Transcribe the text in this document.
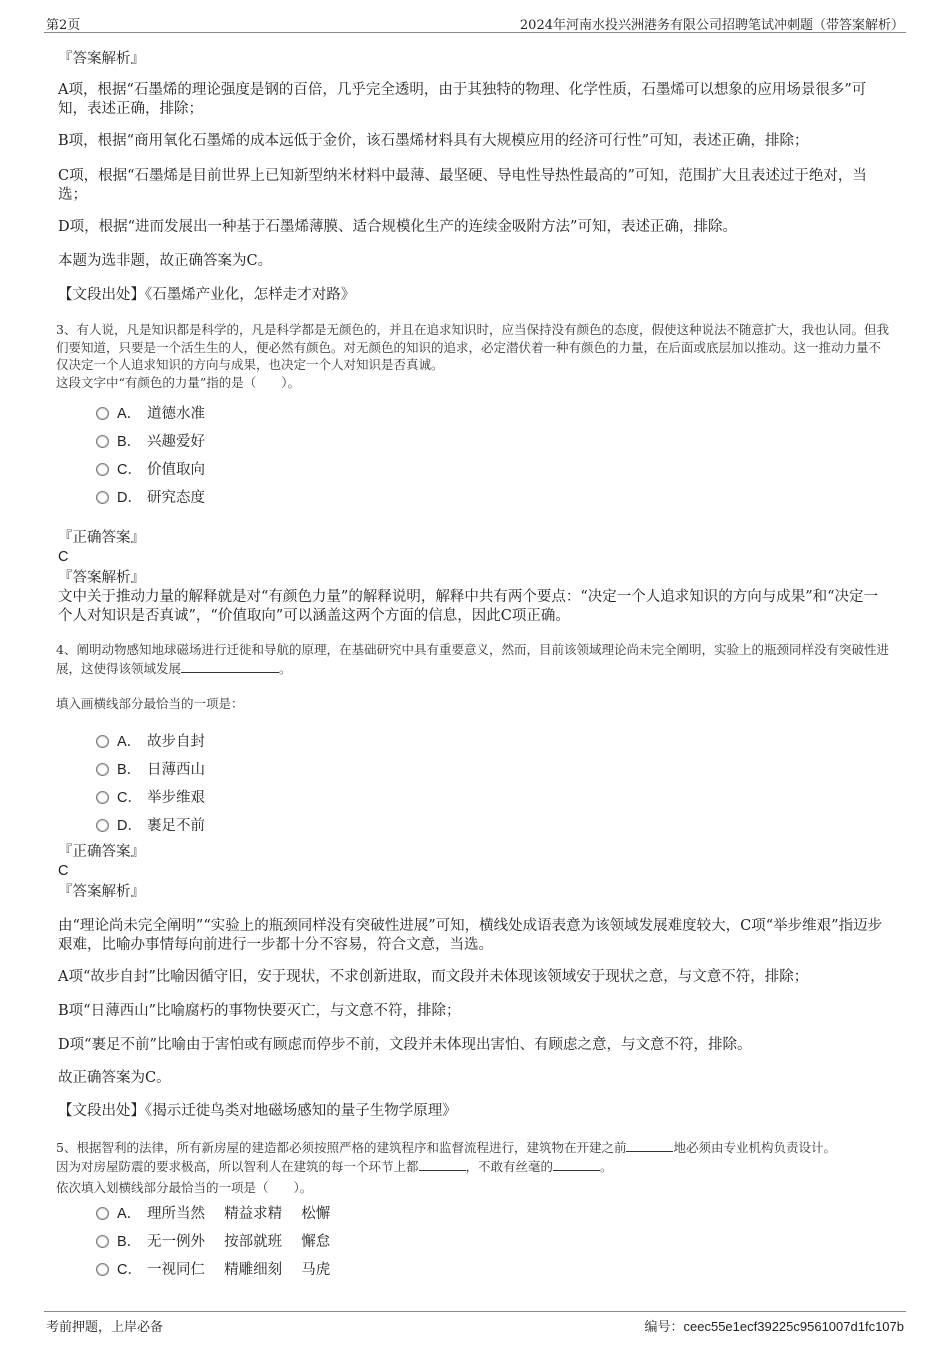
第2页	2024年河南水投兴洲港务有限公司招聘笔试冲刺题（带答案解析）
『答案解析』
A项，根据“石墨烯的理论强度是钢的百倍，几乎完全透明，由于其独特的物理、化学性质，石墨烯可以想象的应用场景很多”可知，表述正确，排除；
B项，根据“商用氧化石墨烯的成本远低于金价，该石墨烯材料具有大规模应用的经济可行性”可知，表述正确，排除；
C项，根据“石墨烯是目前世界上已知新型纳米材料中最薄、最坚硬、导电性导热性最高的”可知，范围扩大且表述过于绝对，当选；
D项，根据“进而发展出一种基于石墨烯薄膜、适合规模化生产的连续金吸附方法”可知，表述正确，排除。
本题为选非题，故正确答案为C。
【文段出处】《石墨烯产业化，怎样走才对路》
3、有人说，凡是知识都是科学的，凡是科学都是无颜色的，并且在追求知识时，应当保持没有颜色的态度，假使这种说法不随意扩大，我也认同。但我们要知道，只要是一个活生生的人，便必然有颜色。对无颜色的知识的追求，必定潜伏着一种有颜色的力量，在后面或底层加以推动。这一推动力量不仅决定一个人追求知识的方向与成果，也决定一个人对知识是否真诚。
这段文字中“有颜色的力量”指的是（　　）。
A． 道德水准
B． 兴趣爱好
C． 价值取向
D． 研究态度
『正确答案』
C
『答案解析』
文中关于推动力量的解释就是对“有颜色力量”的解释说明，解释中共有两个要点：“决定一个人追求知识的方向与成果”和“决定一个人对知识是否真诚”，“价值取向”可以涵盖这两个方面的信息，因此C项正确。
4、阐明动物感知地球磁场进行迁徙和导航的原理，在基础研究中具有重要意义，然而，目前该领域理论尚未完全阐明，实验上的瓶颈同样没有突破性进展，这使得该领域发展	。
填入画横线部分最恰当的一项是：
A． 故步自封
B． 日薄西山
C． 举步维艰
D． 裹足不前
『正确答案』
C
『答案解析』
由“理论尚未完全阐明”“实验上的瓶颈同样没有突破性进展”可知，横线处成语表意为该领域发展难度较大，C项“举步维艰”指迈步艰难，比喻办事情每向前进行一步都十分不容易，符合文意，当选。
A项“故步自封”比喻因循守旧，安于现状，不求创新进取，而文段并未体现该领域安于现状之意，与文意不符，排除；
B项“日薄西山”比喻腐朽的事物快要灭亡，与文意不符，排除；
D项“裹足不前”比喻由于害怕或有顾虑而停步不前，文段并未体现出害怕、有顾虑之意，与文意不符，排除。
故正确答案为C。
【文段出处】《揭示迁徙鸟类对地磁场感知的量子生物学原理》
5、根据智利的法律，所有新房屋的建造都必须按照严格的建筑程序和监督流程进行，建筑物在开建之前	地必须由专业机构负责设计。
因为对房屋防震的要求极高，所以智利人在建筑的每一个环节上都	，不敢有丝毫的	。
依次填入划横线部分最恰当的一项是（　　）。
A． 理所当然　 精益求精　 松懈
B． 无一例外　 按部就班　 懈怠
C． 一视同仁　 精雕细刻　 马虎
考前押题，上岸必备	编号：ceec55e1ecf39225c9561007d1fc107b
